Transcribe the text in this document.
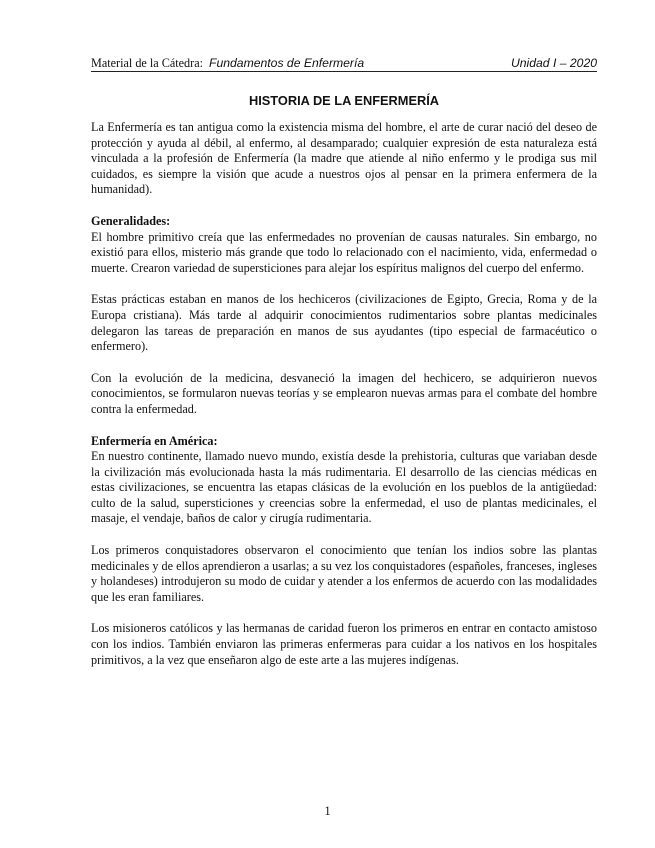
Material de la Cátedra: Fundamentos de Enfermería	Unidad I – 2020
HISTORIA DE LA ENFERMERÍA

La Enfermería es tan antigua como la existencia misma del hombre, el arte de curar nació del deseo de protección y ayuda al débil, al enfermo, al desamparado; cualquier expresión de esta naturaleza está vinculada a la profesión de Enfermería (la madre que atiende al niño enfermo y le prodiga sus mil cuidados, es siempre la visión que acude a nuestros ojos al pensar en la primera enfermera de la humanidad).

Generalidades:

El hombre primitivo creía que las enfermedades no provenían de causas naturales. Sin embargo, no existió para ellos, misterio más grande que todo lo relacionado con el nacimiento, vida, enfermedad o muerte. Crearon variedad de supersticiones para alejar los espíritus malignos del cuerpo del enfermo.

Estas prácticas estaban en manos de los hechiceros (civilizaciones de Egipto, Grecia, Roma y de la Europa cristiana). Más tarde al adquirir conocimientos rudimentarios sobre plantas medicinales delegaron las tareas de preparación en manos de sus ayudantes (tipo especial de farmacéutico o enfermero).

Con la evolución de la medicina, desvaneció la imagen del hechicero, se adquirieron nuevos conocimientos, se formularon nuevas teorías y se emplearon nuevas armas para el combate del hombre contra la enfermedad.

Enfermería en América:

En nuestro continente, llamado nuevo mundo, existía desde la prehistoria, culturas que variaban desde la civilización más evolucionada hasta la más rudimentaria. El desarrollo de las ciencias médicas en estas civilizaciones, se encuentra las etapas clásicas de la evolución en los pueblos de la antigüedad: culto de la salud, supersticiones y creencias sobre la enfermedad, el uso de plantas medicinales, el masaje, el vendaje, baños de calor y cirugía rudimentaria.

Los primeros conquistadores observaron el conocimiento que tenían los indios sobre las plantas medicinales y de ellos aprendieron a usarlas; a su vez los conquistadores (españoles, franceses, ingleses y holandeses) introdujeron su modo de cuidar y atender a los enfermos de acuerdo con las modalidades que les eran familiares.

Los misioneros católicos y las hermanas de caridad fueron los primeros en entrar en contacto amistoso con los indios. También enviaron las primeras enfermeras para cuidar a los nativos en los hospitales primitivos, a la vez que enseñaron algo de este arte a las mujeres indígenas.

1
